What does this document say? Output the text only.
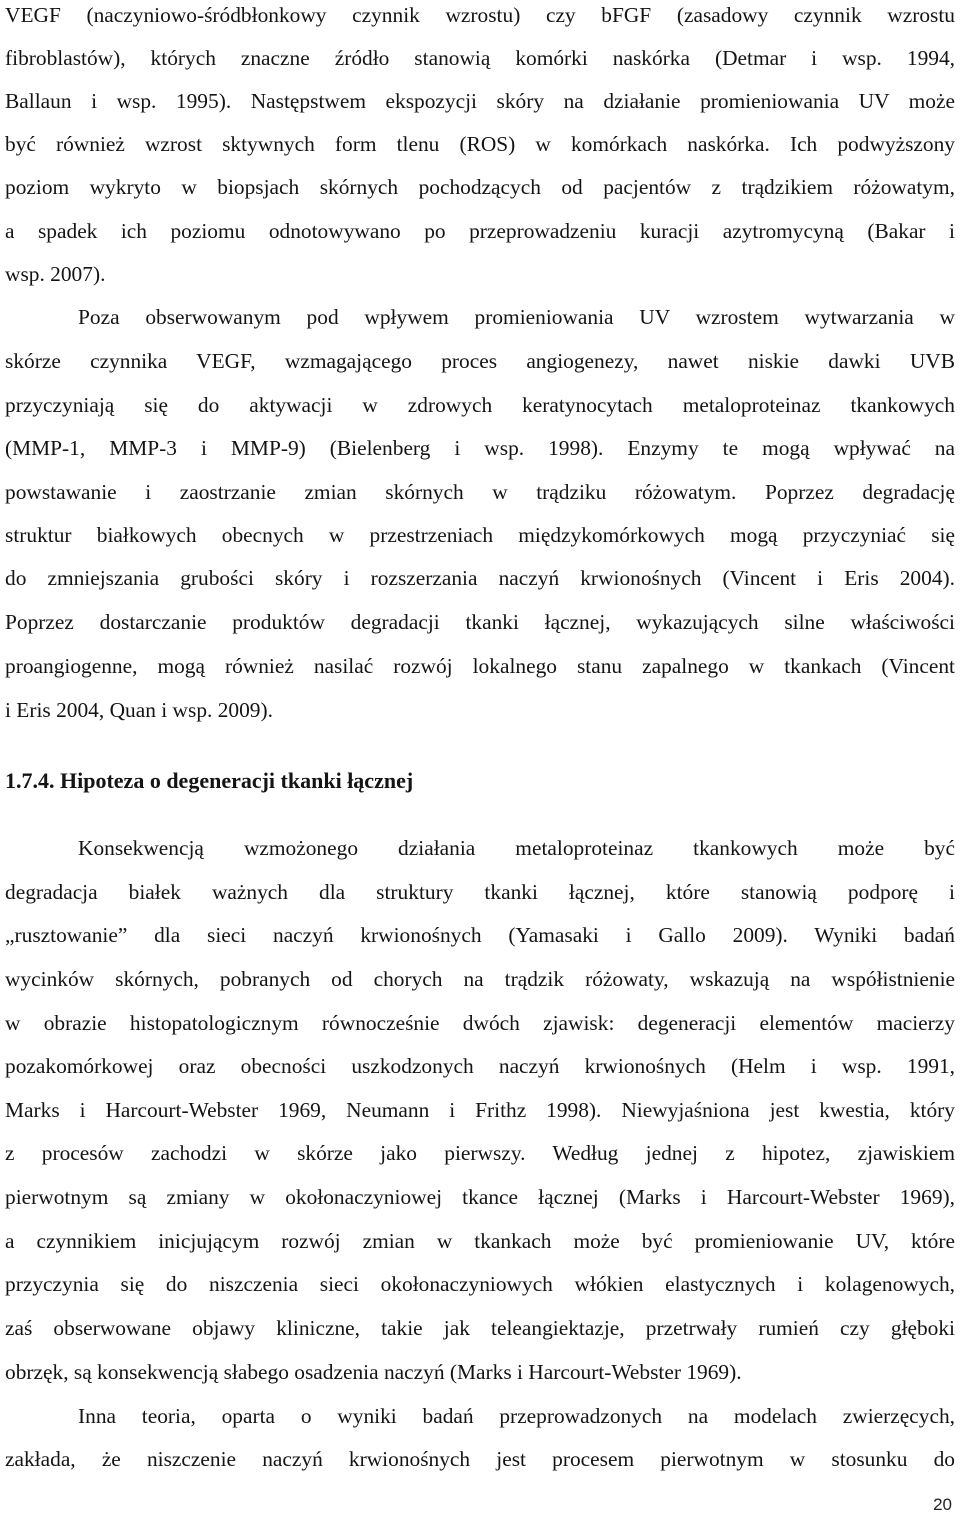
VEGF (naczyniowo-śródbłonkowy czynnik wzrostu) czy bFGF (zasadowy czynnik wzrostu
fibroblastów), których znaczne źródło stanowią komórki naskórka (Detmar i wsp. 1994,
Ballaun i wsp. 1995). Następstwem ekspozycji skóry na działanie promieniowania UV może
być również wzrost sktywnych form tlenu (ROS) w komórkach naskórka. Ich podwyższony
poziom wykryto w biopsjach skórnych pochodzących od pacjentów z trądzikiem różowatym,
a spadek ich poziomu odnotowywano po przeprowadzeniu kuracji azytromycyną (Bakar i
wsp. 2007).
Poza obserwowanym pod wpływem promieniowania UV wzrostem wytwarzania w
skórze czynnika VEGF, wzmagającego proces angiogenezy, nawet niskie dawki UVB
przyczyniają się do aktywacji w zdrowych keratynocytach metaloproteinaz tkankowych
(MMP-1, MMP-3 i MMP-9) (Bielenberg i wsp. 1998). Enzymy te mogą wpływać na
powstawanie i zaostrzanie zmian skórnych w trądziku różowatym. Poprzez degradację
struktur białkowych obecnych w przestrzeniach międzykomórkowych mogą przyczyniać się
do zmniejszania grubości skóry i rozszerzania naczyń krwionośnych (Vincent i Eris 2004).
Poprzez dostarczanie produktów degradacji tkanki łącznej, wykazujących silne właściwości
proangiogenne, mogą również nasilać rozwój lokalnego stanu zapalnego w tkankach (Vincent
i Eris 2004, Quan i wsp. 2009).
1.7.4. Hipoteza o degeneracji tkanki łącznej
Konsekwencją wzmożonego działania metaloproteinaz tkankowych może być
degradacja białek ważnych dla struktury tkanki łącznej, które stanowią podporę i
„rusztowanie” dla sieci naczyń krwionośnych (Yamasaki i Gallo 2009). Wyniki badań
wycinków skórnych, pobranych od chorych na trądzik różowaty, wskazują na współistnienie
w obrazie histopatologicznym równocześnie dwóch zjawisk: degeneracji elementów macierzy
pozakomórkowej oraz obecności uszkodzonych naczyń krwionośnych (Helm i wsp. 1991,
Marks i Harcourt-Webster 1969, Neumann i Frithz 1998). Niewyjaśniona jest kwestia, który
z procesów zachodzi w skórze jako pierwszy. Według jednej z hipotez, zjawiskiem
pierwotnym są zmiany w okołonaczyniowej tkance łącznej (Marks i Harcourt-Webster 1969),
a czynnikiem inicjującym rozwój zmian w tkankach może być promieniowanie UV, które
przyczynia się do niszczenia sieci okołonaczyniowych włókien elastycznych i kolagenowych,
zaś obserwowane objawy kliniczne, takie jak teleangiektazje, przetrwały rumień czy głęboki
obrzęk, są konsekwencją słabego osadzenia naczyń (Marks i Harcourt-Webster 1969).
Inna teoria, oparta o wyniki badań przeprowadzonych na modelach zwierzęcych,
zakłada, że niszczenie naczyń krwionośnych jest procesem pierwotnym w stosunku do
20
